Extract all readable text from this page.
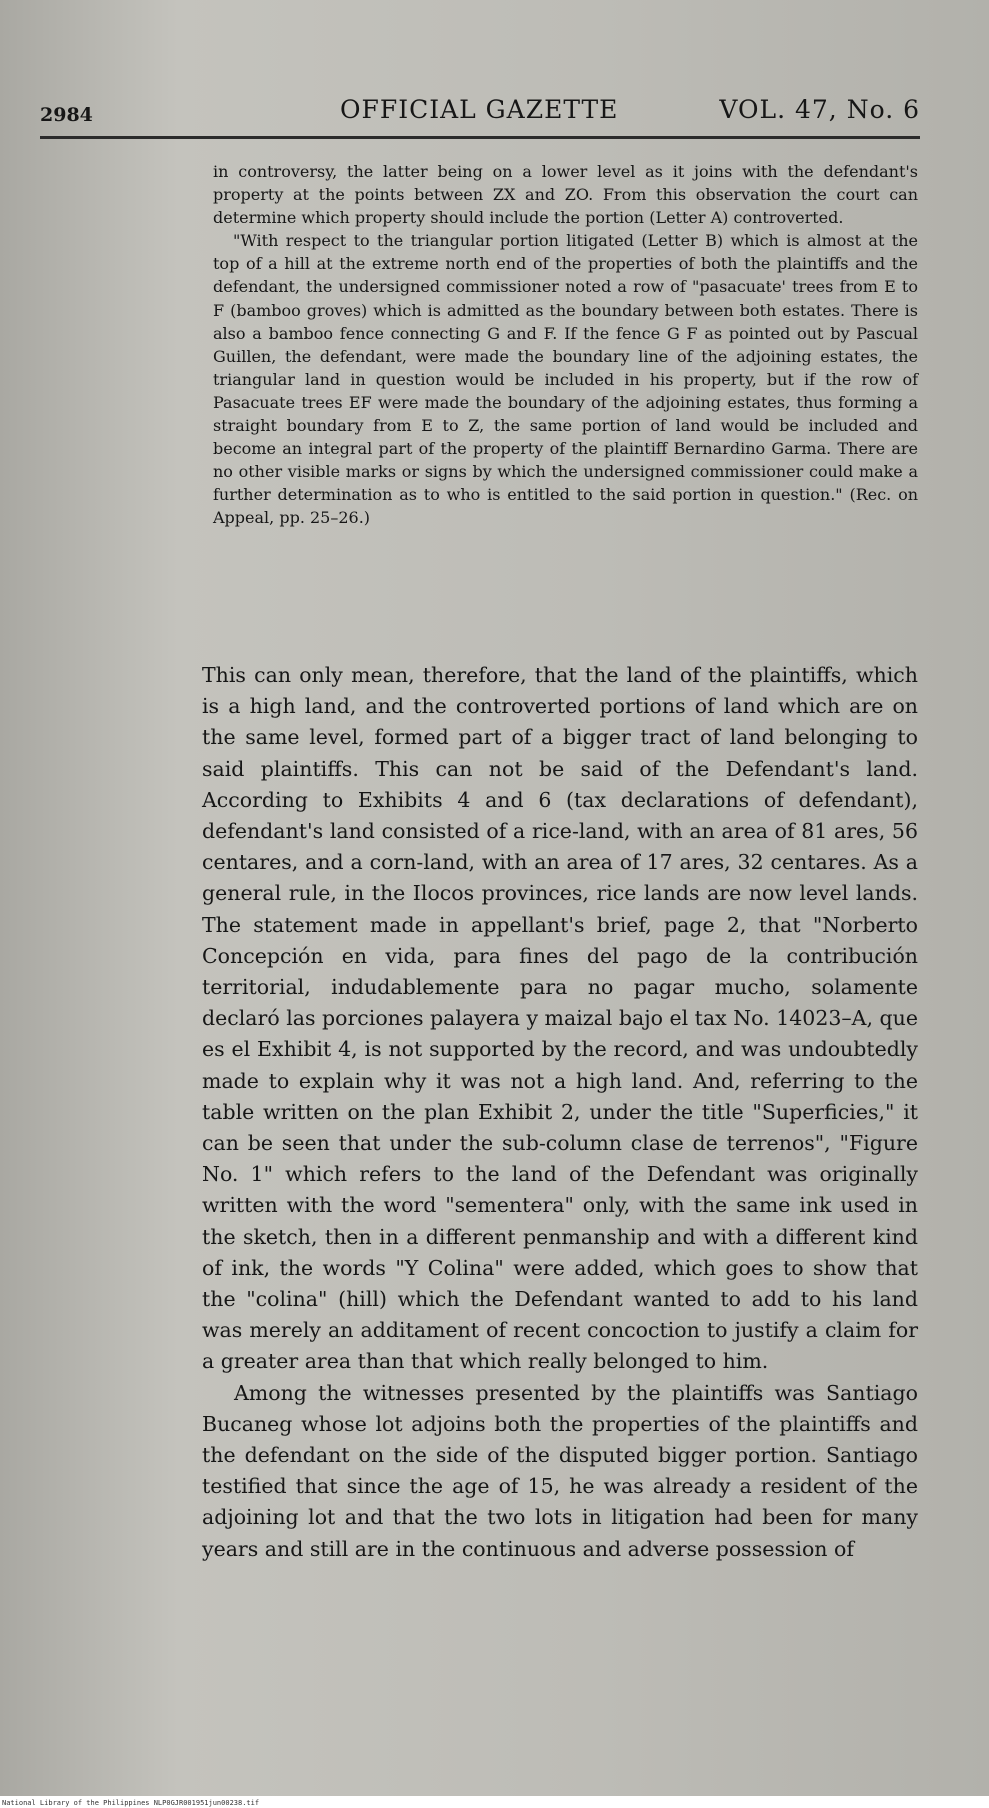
2984	OFFICIAL GAZETTE	VOL. 47, No. 6

in controversy, the latter being on a lower level as it joins with the defendant's property at the points between ZX and ZO. From this observation the court can determine which property should include the portion (Letter A) controverted.

"With respect to the triangular portion litigated (Letter B) which is almost at the top of a hill at the extreme north end of the properties of both the plaintiffs and the defendant, the undersigned commissioner noted a row of "pasacuate' trees from E to F (bamboo groves) which is admitted as the boundary between both estates. There is also a bamboo fence connecting G and F. If the fence G F as pointed out by Pascual Guillen, the defendant, were made the boundary line of the adjoining estates, the triangular land in question would be included in his property, but if the row of Pasacuate trees EF were made the boundary of the adjoining estates, thus forming a straight boundary from E to Z, the same portion of land would be included and become an integral part of the property of the plaintiff Bernardino Garma. There are no other visible marks or signs by which the undersigned commissioner could make a further determination as to who is entitled to the said portion in question." (Rec. on Appeal, pp. 25–26.)

This can only mean, therefore, that the land of the plaintiffs, which is a high land, and the controverted portions of land which are on the same level, formed part of a bigger tract of land belonging to said plaintiffs. This can not be said of the Defendant's land. According to Exhibits 4 and 6 (tax declarations of defendant), defendant's land consisted of a rice-land, with an area of 81 ares, 56 centares, and a corn-land, with an area of 17 ares, 32 centares. As a general rule, in the Ilocos provinces, rice lands are now level lands. The statement made in appellant's brief, page 2, that "Norberto Concepción en vida, para fines del pago de la contribución territorial, indudablemente para no pagar mucho, solamente declaró las porciones palayera y maizal bajo el tax No. 14023–A, que es el Exhibit 4, is not supported by the record, and was undoubtedly made to explain why it was not a high land. And, referring to the table written on the plan Exhibit 2, under the title "Superficies," it can be seen that under the sub-column clase de terrenos", "Figure No. 1" which refers to the land of the Defendant was originally written with the word "sementera" only, with the same ink used in the sketch, then in a different penmanship and with a different kind of ink, the words "Y Colina" were added, which goes to show that the "colina" (hill) which the Defendant wanted to add to his land was merely an additament of recent concoction to justify a claim for a greater area than that which really belonged to him.

Among the witnesses presented by the plaintiffs was Santiago Bucaneg whose lot adjoins both the properties of the plaintiffs and the defendant on the side of the disputed bigger portion. Santiago testified that since the age of 15, he was already a resident of the adjoining lot and that the two lots in litigation had been for many years and still are in the continuous and adverse possession of

National Library of the Philippines NLP0GJR001951jun00238.tif
